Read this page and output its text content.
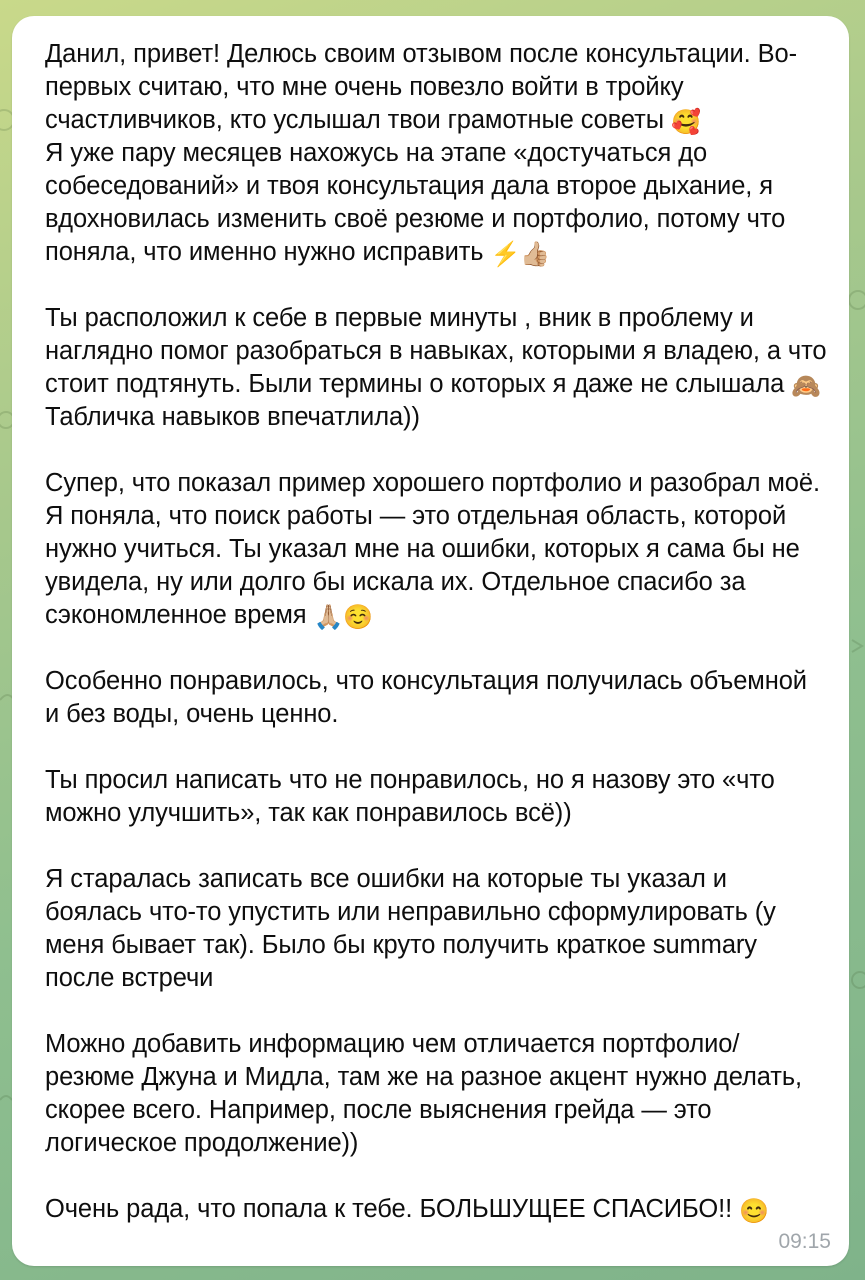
Данил, привет! Делюсь своим отзывом после консультации. Во-первых считаю, что мне очень повезло войти в тройку счастливчиков, кто услышал твои грамотные советы 🥰
Я уже пару месяцев нахожусь на этапе «достучаться до собеседований» и твоя консультация дала второе дыхание, я вдохновилась изменить своё резюме и портфолио, потому что поняла, что именно нужно исправить ⚡👍🏼
Ты расположил к себе в первые минуты , вник в проблему и наглядно помог разобраться в навыках, которыми я владею, а что стоит подтянуть. Были термины о которых я даже не слышала 🙈 Табличка навыков впечатлила))
Супер, что показал пример хорошего портфолио и разобрал моё. Я поняла, что поиск работы — это отдельная область, которой нужно учиться. Ты указал мне на ошибки, которых я сама бы не увидела, ну или долго бы искала их. Отдельное спасибо за сэкономленное время 🙏🏼☺️
Особенно понравилось, что консультация получилась объемной и без воды, очень ценно.
Ты просил написать что не понравилось, но я назову это «что можно улучшить», так как понравилось всё))
Я старалась записать все ошибки на которые ты указал и боялась что-то упустить или неправильно сформулировать (у меня бывает так). Было бы круто получить краткое summary после встречи
Можно добавить информацию чем отличается портфолио/резюме Джуна и Мидла, там же на разное акцент нужно делать, скорее всего. Например, после выяснения грейда — это логическое продолжение))
Очень рада, что попала к тебе. БОЛЬШУЩЕЕ СПАСИБО!! 😊
09:15
